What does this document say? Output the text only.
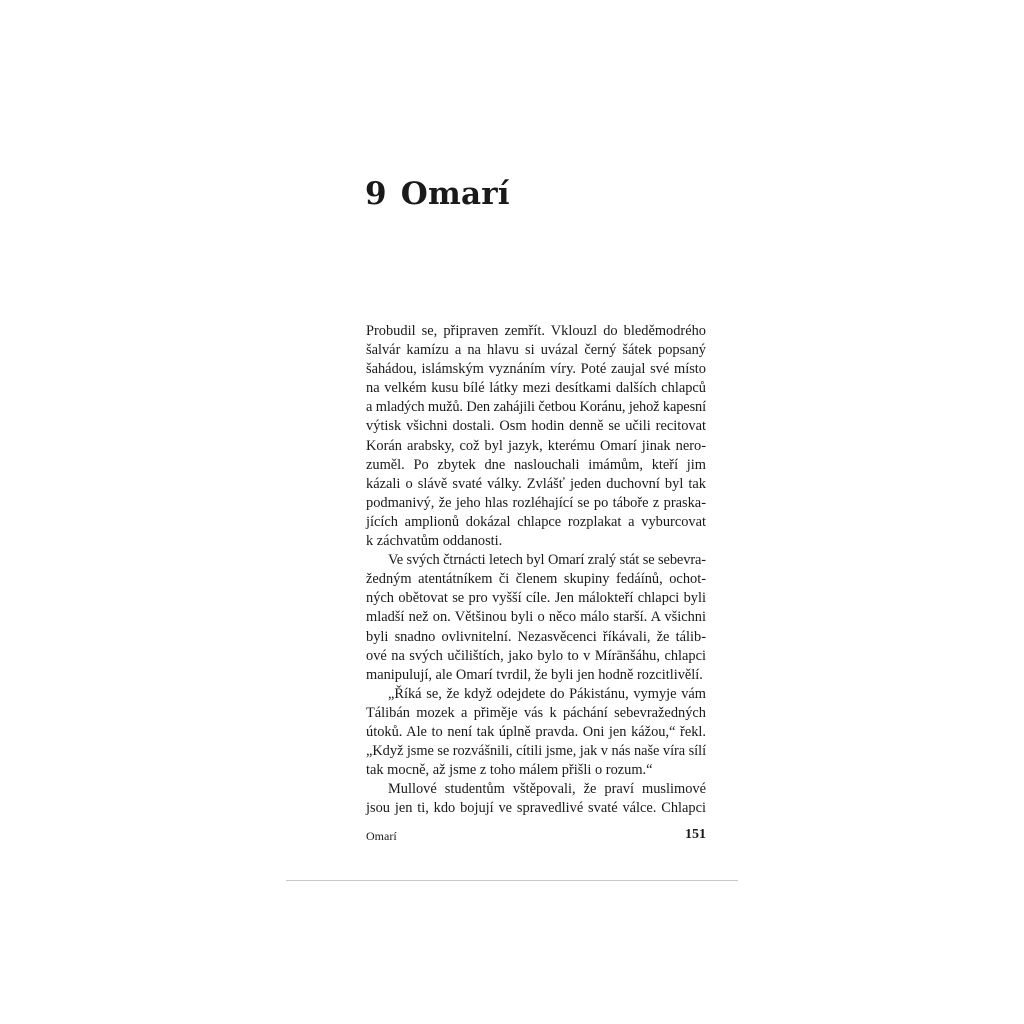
9 Omarí
Probudil se, připraven zemřít. Vklouzl do bleděmodrého
šalvár kamízu a na hlavu si uvázal černý šátek popsaný
šahádou, islámským vyznáním víry. Poté zaujal své místo
na velkém kusu bílé látky mezi desítkami dalších chlapců
a mladých mužů. Den zahájili četbou Koránu, jehož kapesní
výtisk všichni dostali. Osm hodin denně se učili recitovat
Korán arabsky, což byl jazyk, kterému Omarí jinak nero-
zuměl. Po zbytek dne naslouchali imámům, kteří jim
kázali o slávě svaté války. Zvlášť jeden duchovní byl tak
podmanivý, že jeho hlas rozléhající se po táboře z praska-
jících amplionů dokázal chlapce rozplakat a vyburcovat
k záchvatům oddanosti.
Ve svých čtrnácti letech byl Omarí zralý stát se sebevra-
žedným atentátníkem či členem skupiny fedáínů, ochot-
ných obětovat se pro vyšší cíle. Jen málokteří chlapci byli
mladší než on. Většinou byli o něco málo starší. A všichni
byli snadno ovlivnitelní. Nezasvěcenci říkávali, že tálib-
ové na svých učilištích, jako bylo to v Mírānšáhu, chlapci
manipulují, ale Omarí tvrdil, že byli jen hodně rozcitlivělí.
„Říká se, že když odejdete do Pákistánu, vymyje vám
Tálibán mozek a přiměje vás k páchání sebevražedných
útoků. Ale to není tak úplně pravda. Oni jen kážou,“ řekl.
„Když jsme se rozvášnili, cítili jsme, jak v nás naše víra sílí
tak mocně, až jsme z toho málem přišli o rozum.“
Mullové studentům vštěpovali, že praví muslimové
jsou jen ti, kdo bojují ve spravedlivé svaté válce. Chlapci
Omarí	151
